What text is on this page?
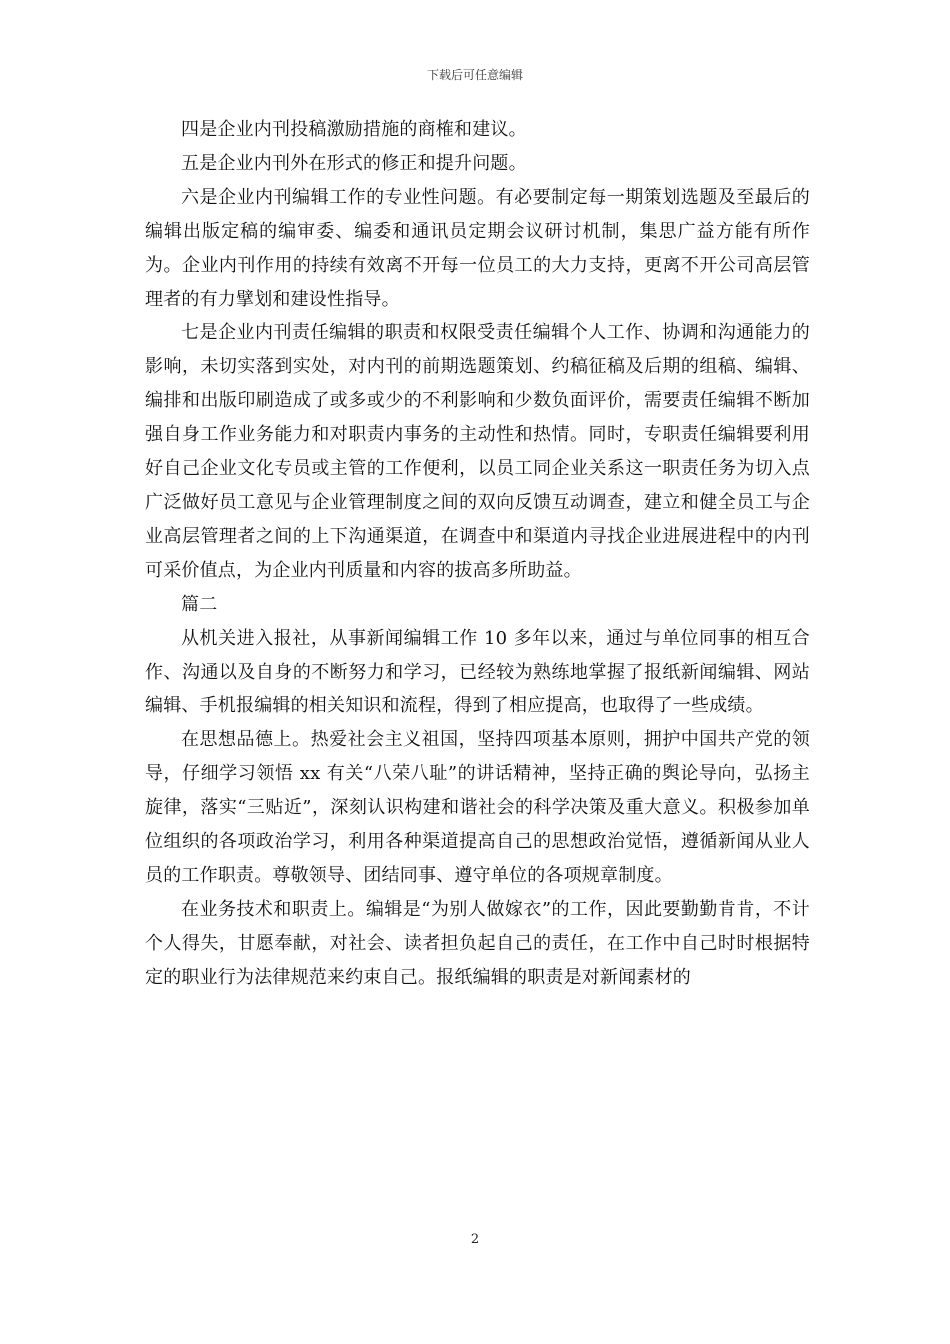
下载后可任意编辑

四是企业内刊投稿激励措施的商榷和建议。

五是企业内刊外在形式的修正和提升问题。

六是企业内刊编辑工作的专业性问题。有必要制定每一期策划选题及至最后的编辑出版定稿的编审委、编委和通讯员定期会议研讨机制，集思广益方能有所作为。企业内刊作用的持续有效离不开每一位员工的大力支持，更离不开公司高层管理者的有力擘划和建设性指导。

七是企业内刊责任编辑的职责和权限受责任编辑个人工作、协调和沟通能力的影响，未切实落到实处，对内刊的前期选题策划、约稿征稿及后期的组稿、编辑、编排和出版印刷造成了或多或少的不利影响和少数负面评价，需要责任编辑不断加强自身工作业务能力和对职责内事务的主动性和热情。同时，专职责任编辑要利用好自己企业文化专员或主管的工作便利，以员工同企业关系这一职责任务为切入点广泛做好员工意见与企业管理制度之间的双向反馈互动调查，建立和健全员工与企业高层管理者之间的上下沟通渠道，在调查中和渠道内寻找企业进展进程中的内刊可采价值点，为企业内刊质量和内容的拔高多所助益。

篇二

从机关进入报社，从事新闻编辑工作 10 多年以来，通过与单位同事的相互合作、沟通以及自身的不断努力和学习，已经较为熟练地掌握了报纸新闻编辑、网站编辑、手机报编辑的相关知识和流程，得到了相应提高，也取得了一些成绩。

在思想品德上。热爱社会主义祖国，坚持四项基本原则，拥护中国共产党的领导，仔细学习领悟 xx 有关“八荣八耻”的讲话精神，坚持正确的舆论导向，弘扬主旋律，落实“三贴近”，深刻认识构建和谐社会的科学决策及重大意义。积极参加单位组织的各项政治学习，利用各种渠道提高自己的思想政治觉悟，遵循新闻从业人员的工作职责。尊敬领导、团结同事、遵守单位的各项规章制度。

在业务技术和职责上。编辑是“为别人做嫁衣”的工作，因此要勤勤肯肯，不计个人得失，甘愿奉献，对社会、读者担负起自己的责任，在工作中自己时时根据特定的职业行为法律规范来约束自己。报纸编辑的职责是对新闻素材的

2
